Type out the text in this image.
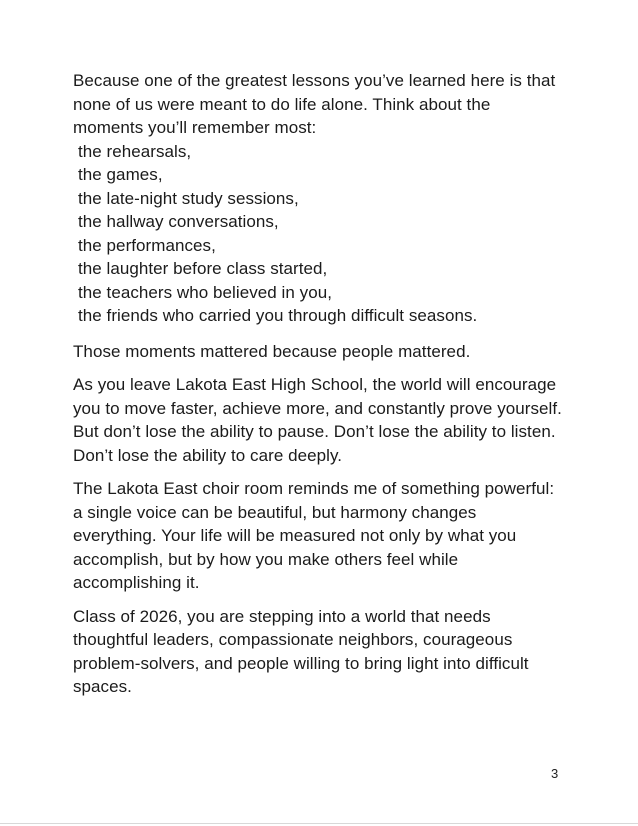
Because one of the greatest lessons you’ve learned here is that none of us were meant to do life alone. Think about the moments you’ll remember most:

the rehearsals,
the games,
the late-night study sessions,
the hallway conversations,
the performances,
the laughter before class started,
the teachers who believed in you,
the friends who carried you through difficult seasons.

Those moments mattered because people mattered.

As you leave Lakota East High School, the world will encourage you to move faster, achieve more, and constantly prove yourself. But don’t lose the ability to pause. Don’t lose the ability to listen. Don’t lose the ability to care deeply.

The Lakota East choir room reminds me of something powerful: a single voice can be beautiful, but harmony changes everything. Your life will be measured not only by what you accomplish, but by how you make others feel while accomplishing it.

Class of 2026, you are stepping into a world that needs thoughtful leaders, compassionate neighbors, courageous problem-solvers, and people willing to bring light into difficult spaces.

3
